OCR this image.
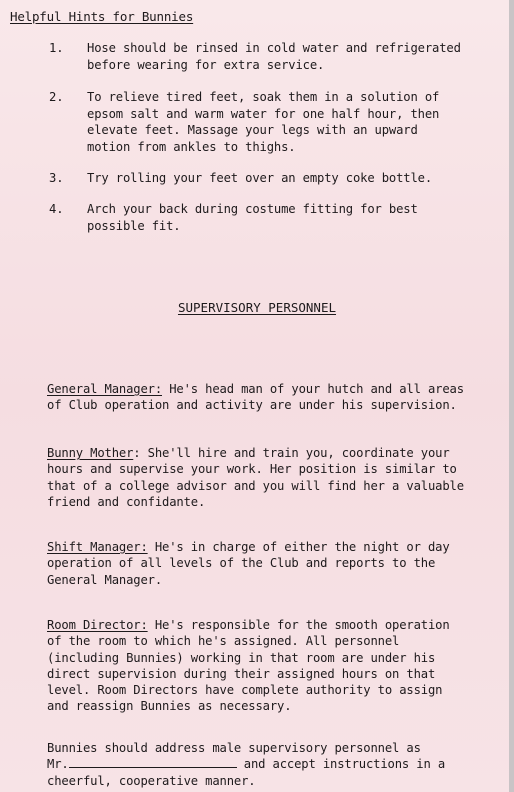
Helpful Hints for Bunnies
1.	Hose should be rinsed in cold water and refrigerated
before wearing for extra service.
2.	To relieve tired feet, soak them in a solution of
epsom salt and warm water for one half hour, then
elevate feet. Massage your legs with an upward
motion from ankles to thighs.
3.	Try rolling your feet over an empty coke bottle.
4.	Arch your back during costume fitting for best
possible fit.
SUPERVISORY PERSONNEL
General Manager: He's head man of your hutch and all areas
of Club operation and activity are under his supervision.
Bunny Mother: She'll hire and train you, coordinate your
hours and supervise your work. Her position is similar to
that of a college advisor and you will find her a valuable
friend and confidante.
Shift Manager: He's in charge of either the night or day
operation of all levels of the Club and reports to the
General Manager.
Room Director: He's responsible for the smooth operation
of the room to which he's assigned. All personnel
(including Bunnies) working in that room are under his
direct supervision during their assigned hours on that
level. Room Directors have complete authority to assign
and reassign Bunnies as necessary.
Bunnies should address male supervisory personnel as
Mr.	and accept instructions in a
cheerful, cooperative manner.
